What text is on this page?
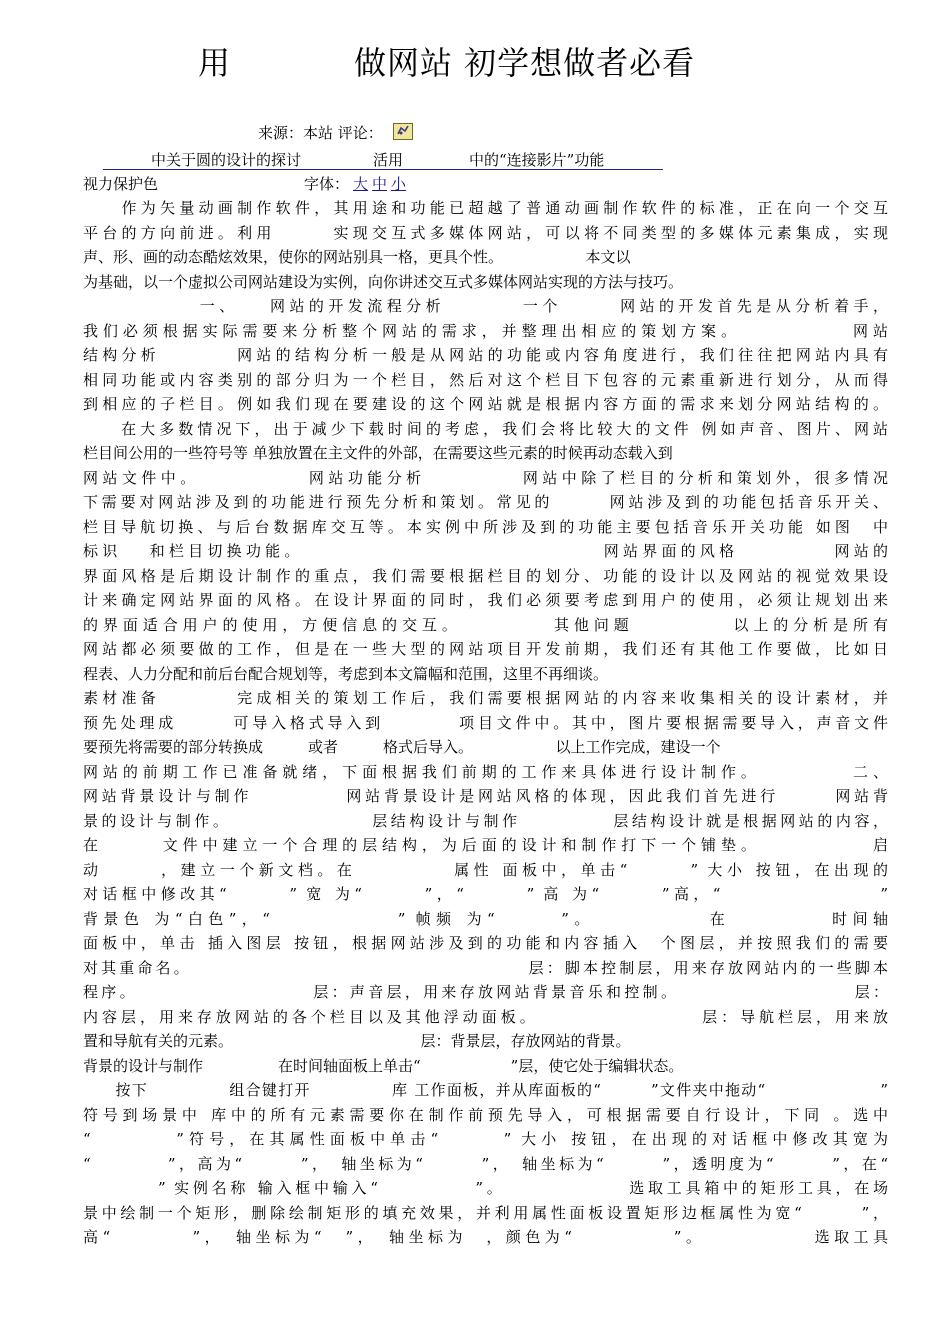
用	做网站 初学想做者必看
来源：本站 评论：
中关于圆的设计的探讨	活用	中的“连接影片”功能
视力保护色	字体： 大 中 小
　　作为矢量动画制作软件，其用途和功能已超越了普通动画制作软件的标准，正在向一个交互
平台的方向前进。利用　　　实现交互式多媒体网站，可以将不同类型的多媒体元素集成，实现
声、形、画的动态酷炫效果，使你的网站别具一格，更具个性。　　　　　　本文以
为基础，以一个虚拟公司网站建设为实例，向你讲述交互式多媒体网站实现的方法与技巧。
　　　　　　一、　　网站的开发流程分析　　　　一个　　　网站的开发首先是从分析着手，
我们必须根据实际需要来分析整个网站的需求，并整理出相应的策划方案。　　　　　　网站
结构分析　　　　网站的结构分析一般是从网站的功能或内容角度进行，我们往往把网站内具有
相同功能或内容类别的部分归为一个栏目，然后对这个栏目下包容的元素重新进行划分，从而得
到相应的子栏目。例如我们现在要建设的这个网站就是根据内容方面的需求来划分网站结构的。
　　在大多数情况下，出于减少下载时间的考虑，我们会将比较大的文件 例如声音、图片、网站
栏目间公用的一些符号等 单独放置在主文件的外部，在需要这些元素的时候再动态载入到
网站文件中。　　　　　　网站功能分析　　　　　网站中除了栏目的分析和策划外，很多情况
下需要对网站涉及到的功能进行预先分析和策划。常见的　　　网站涉及到的功能包括音乐开关、
栏目导航切换、与后台数据库交互等。本实例中所涉及到的功能主要包括音乐开关功能 如图　中
标识　 和栏目切换功能。　　　　　　　　　　　　　　　　网站界面的风格　　　　　网站的
界面风格是后期设计制作的重点，我们需要根据栏目的划分、功能的设计以及网站的视觉效果设
计来确定网站界面的风格。在设计界面的同时，我们必须要考虑到用户的使用，必须让规划出来
的界面适合用户的使用，方便信息的交互。　　　　　其他问题　　　　　以上的分析是所有
网站都必须要做的工作，但是在一些大型的网站项目开发前期，我们还有其他工作要做，比如日
程表、人力分配和前后台配合规划等，考虑到本文篇幅和范围，这里不再细谈。
素材准备　　　　完成相关的策划工作后，我们需要根据网站的内容来收集相关的设计素材，并
预先处理成　　　可导入格式导入到　　　　项目文件中。其中，图片要根据需要导入，声音文件
要预先将需要的部分转换成　　　或者　　　格式后导入。　　　　　　以上工作完成，建设一个
网站的前期工作已准备就绪，下面根据我们前期的工作来具体进行设计制作。　　　　　二、
网站背景设计与制作　　　　　网站背景设计是网站风格的体现，因此我们首先进行　　　网站背
景的设计与制作。　　　　　　　　层结构设计与制作　　　　　层结构设计就是根据网站的内容，
在　　　文件中建立一个合理的层结构，为后面的设计和制作打下一个铺垫。　　　　　　启
动　　　，建立一个新文档。在　　　　　属性 面板中，单击“　　　” 大小 按钮，在出现的
对话框中修改其“　　　” 宽 为“　　　”，“　　　” 高 为“　　　”高，“　　　　　　　　”
背景色 为“白色”，“　　　　　　” 帧频 为“　　　”。　　　　　　在　　　　　时间轴
面板中，单击 插入图层 按钮，根据网站涉及到的功能和内容插入　个图层，并按照我们的需要
对其重命名。　　　　　　　　　　　　　　　　　　　层：脚本控制层，用来存放网站内的一些脚本
程序。　　　　　　　　　　层：声音层，用来存放网站背景音乐和控制。　　　　　　　　　　层：
内容层，用来存放网站的各个栏目以及其他浮动面板。　　　　　　　　　层：导航栏层，用来放
置和导航有关的元素。　　　　　　　　　　　　　层：背景层，存放网站的背景。
背景的设计与制作　　　　　在时间轴面板上单击“　　　　　　”层，使它处于编辑状态。
　　按下　　　　　组合键打开　　　　　库 工作面板，并从库面板的“　　　”文件夹中拖动“　　　　　　　”
符号到场景中 库中的所有元素需要你在制作前预先导入，可根据需要自行设计，下同 。选中
“　　　　”符号，在其属性面板中单击“　　　” 大小 按钮，在出现的对话框中修改其宽为
“　　　　”，高为“　　　”，　轴坐标为“　　　”，　轴坐标为“　　　”，透明度为“　　　”，在“
　　　　” 实例名称 输入框中输入“　　　　　”。　　　　　　　选取工具箱中的矩形工具，在场
景中绘制一个矩形，删除绘制矩形的填充效果，并利用属性面板设置矩形边框属性为宽“　　　”，
高“　　　　”，　轴坐标为“　”，　轴坐标为　，颜色为“　　　　　”。　　　　　　选取工具
